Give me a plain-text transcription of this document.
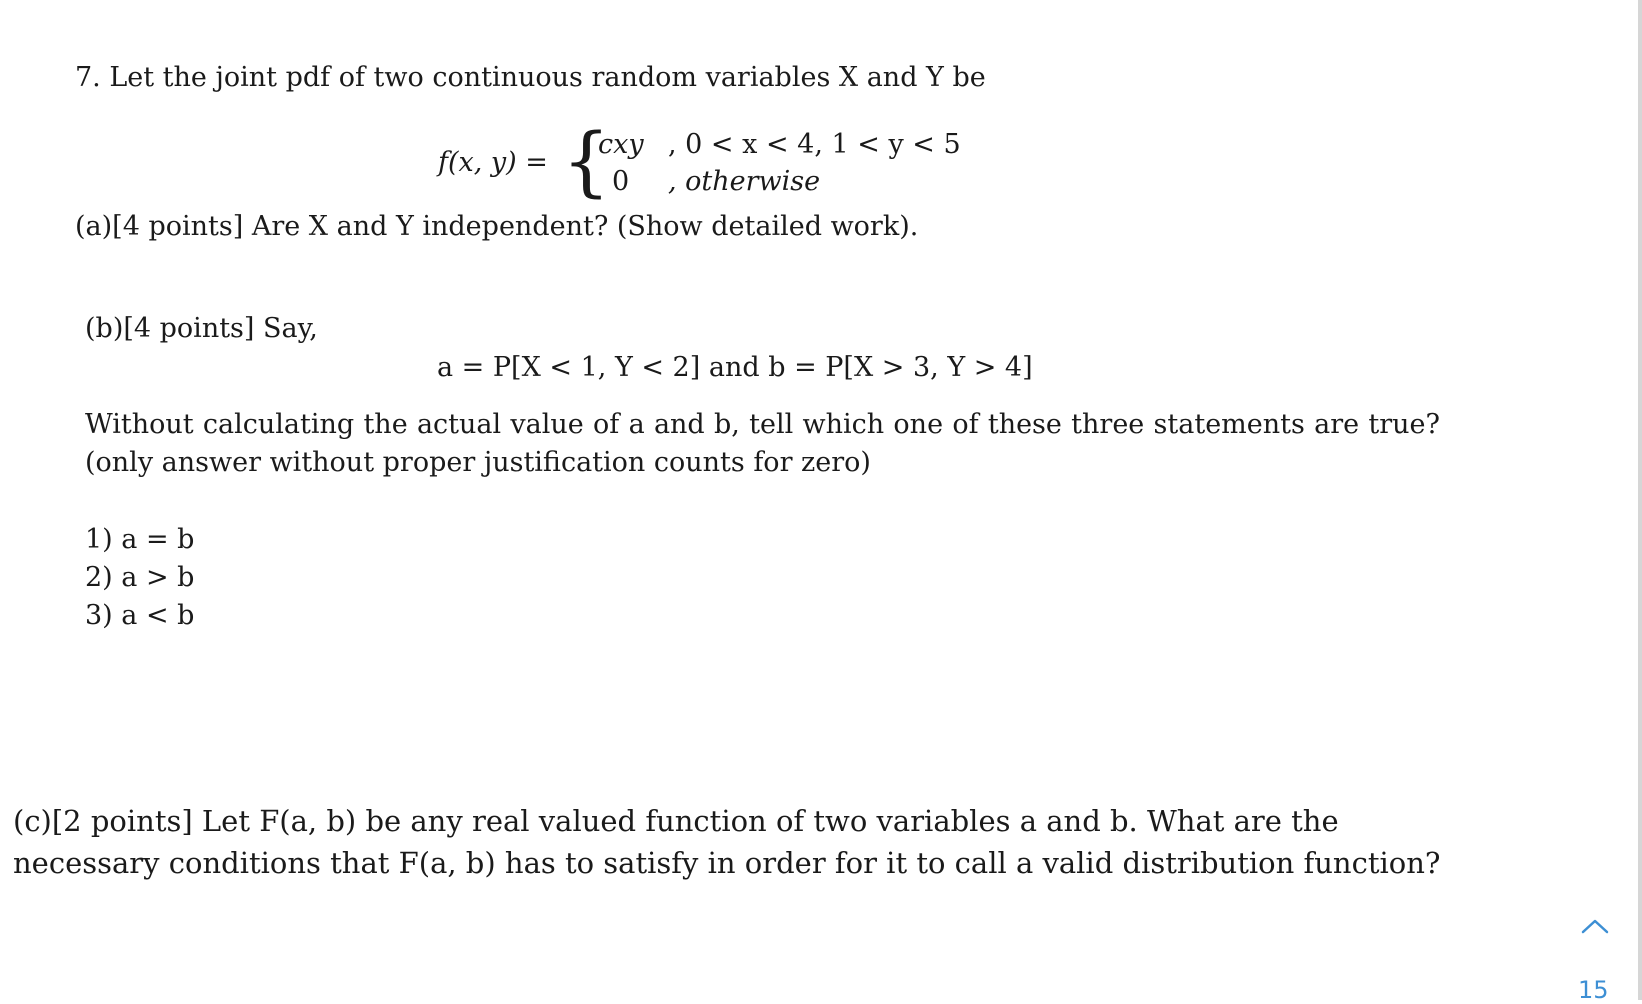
7. Let the joint pdf of two continuous random variables X and Y be
f(x, y) = {
cxy , 0 < x < 4, 1 < y < 5
0 , otherwise
(a)[4 points] Are X and Y independent? (Show detailed work).
(b)[4 points] Say,
a = P[X < 1, Y < 2] and b = P[X > 3, Y > 4]
Without calculating the actual value of a and b, tell which one of these three statements are true?(only answer without proper justification counts for zero)
1) a = b
2) a > b
3) a < b
(c)[2 points] Let F(a, b) be any real valued function of two variables a and b. What are the necessary conditions that F(a, b) has to satisfy in order for it to call a valid distribution function?
15
